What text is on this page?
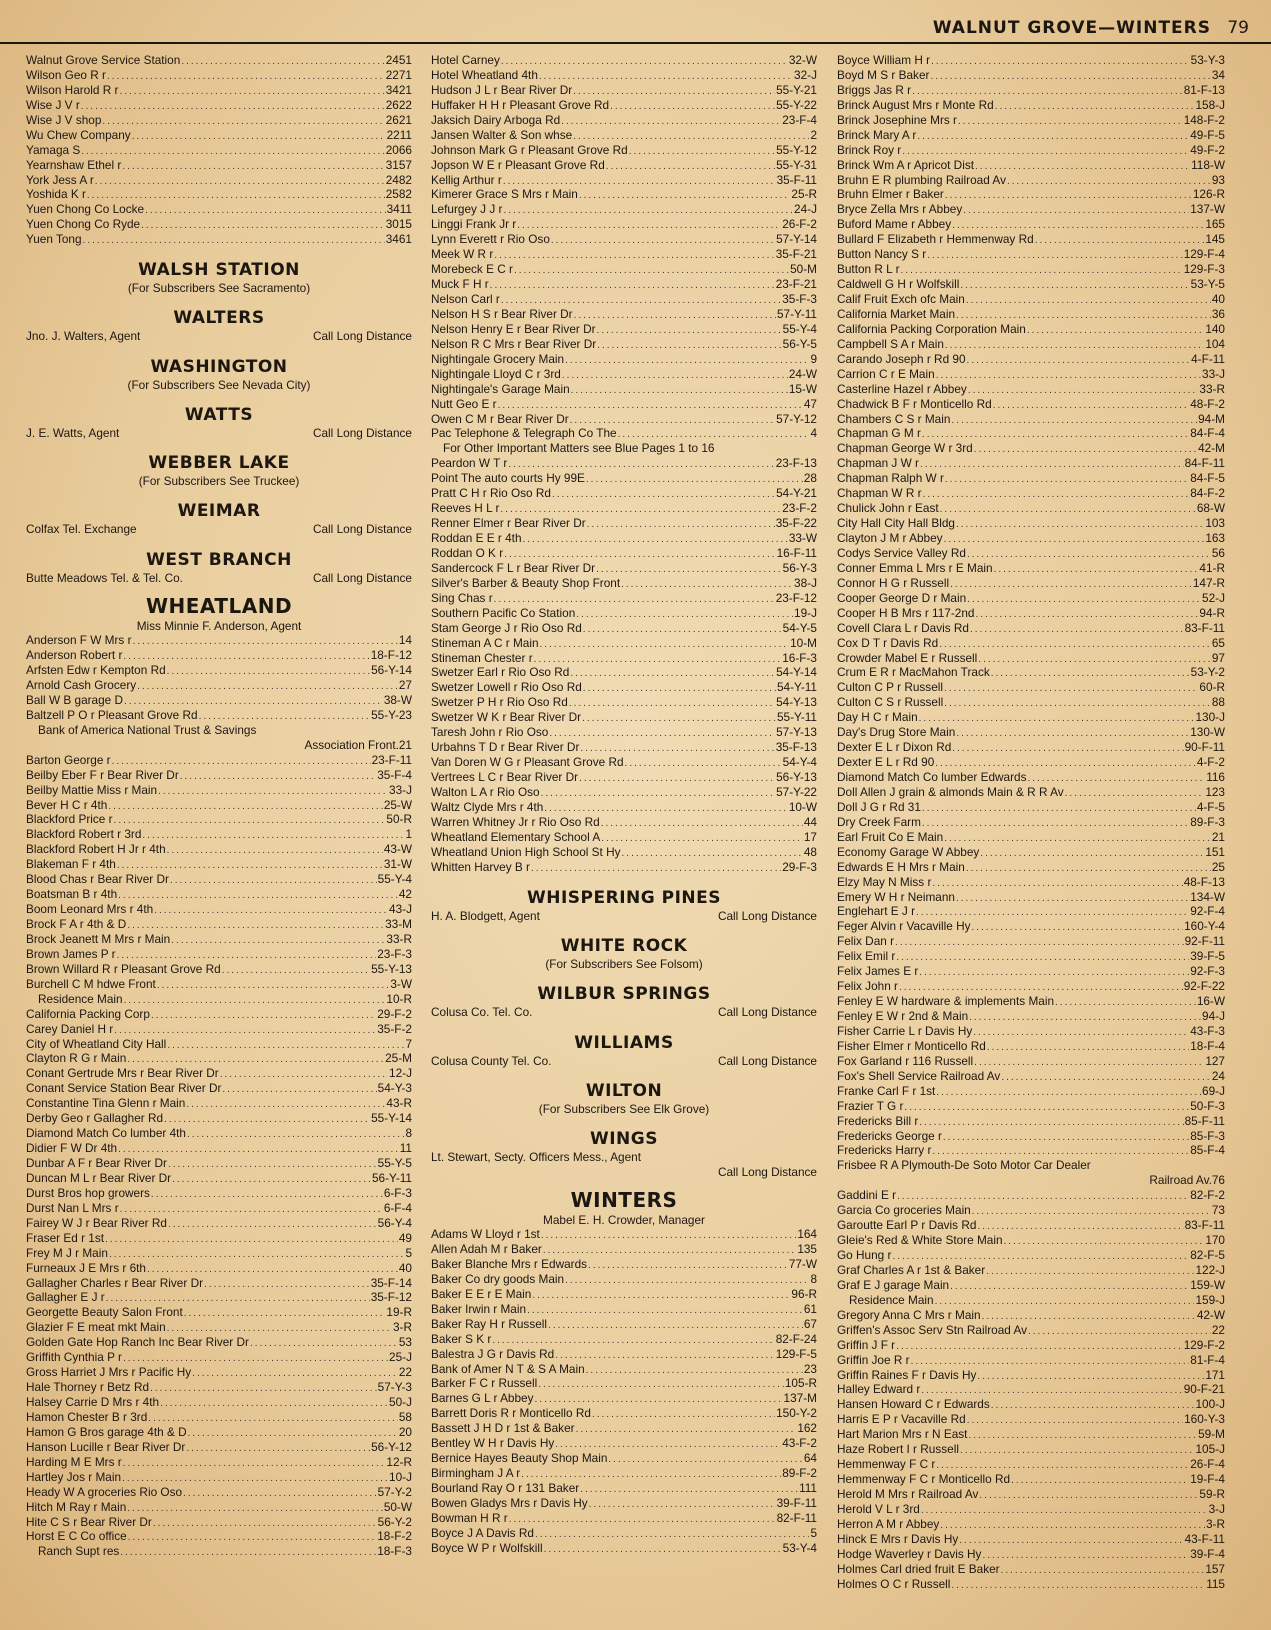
WALNUT GROVE—WINTERS 79
Walnut Grove Service Station .....	2451
Wilson Geo R r .....	2271
Wilson Harold R r .....	3421
Wise J V r .....	2622
Wise J V shop .....	2621
Wu Chew Company .....	2211
Yamaga S .....	2066
Yearnshaw Ethel r .....	3157
York Jess A r .....	2482
Yoshida K r .....	2582
Yuen Chong Co Locke .....	3411
Yuen Chong Co Ryde .....	3015
Yuen Tong .....	3461
WALSH STATION
(For Subscribers See Sacramento)
WALTERS
Jno. J. Walters, Agent	Call Long Distance
WASHINGTON
(For Subscribers See Nevada City)
WATTS
J. E. Watts, Agent	Call Long Distance
WEBBER LAKE
(For Subscribers See Truckee)
WEIMAR
Colfax Tel. Exchange	Call Long Distance
WEST BRANCH
Butte Meadows Tel. & Tel. Co.	Call Long Distance
WHEATLAND
Miss Minnie F. Anderson, Agent
Anderson F W Mrs r .....	14
Anderson Robert r .....	18-F-12
Arfsten Edw r Kempton Rd .....	56-Y-14
Arnold Cash Grocery .....	27
Ball W B garage D .....	38-W
Baltzell P O r Pleasant Grove Rd .....	55-Y-23
Bank of America National Trust & Savings
Association Front.21
Barton George r .....	23-F-11
Beilby Eber F r Bear River Dr .....	35-F-4
Beilby Mattie Miss r Main .....	33-J
Bever H C r 4th .....	25-W
Blackford Price r .....	50-R
Blackford Robert r 3rd .....	1
Blackford Robert H Jr r 4th .....	43-W
Blakeman F r 4th .....	31-W
Blood Chas r Bear River Dr .....	55-Y-4
Boatsman B r 4th .....	42
Boom Leonard Mrs r 4th .....	43-J
Brock F A r 4th & D .....	33-M
Brock Jeanett M Mrs r Main .....	33-R
Brown James P r .....	23-F-3
Brown Willard R r Pleasant Grove Rd .....	55-Y-13
Burchell C M hdwe Front .....	3-W
Residence Main .....	10-R
California Packing Corp .....	29-F-2
Carey Daniel H r .....	35-F-2
City of Wheatland City Hall .....	7
Clayton R G r Main .....	25-M
Conant Gertrude Mrs r Bear River Dr .....	12-J
Conant Service Station Bear River Dr .....	54-Y-3
Constantine Tina Glenn r Main .....	43-R
Derby Geo r Gallagher Rd .....	55-Y-14
Diamond Match Co lumber 4th .....	8
Didier F W Dr 4th .....	11
Dunbar A F r Bear River Dr .....	55-Y-5
Duncan M L r Bear River Dr .....	56-Y-11
Durst Bros hop growers .....	6-F-3
Durst Nan L Mrs r .....	6-F-4
Fairey W J r Bear River Rd .....	56-Y-4
Fraser Ed r 1st .....	49
Frey M J r Main .....	5
Furneaux J E Mrs r 6th .....	40
Gallagher Charles r Bear River Dr .....	35-F-14
Gallagher E J r .....	35-F-12
Georgette Beauty Salon Front .....	19-R
Glazier F E meat mkt Main .....	3-R
Golden Gate Hop Ranch Inc Bear River Dr .....	53
Griffith Cynthia P r .....	25-J
Gross Harriet J Mrs r Pacific Hy .....	22
Hale Thorney r Betz Rd .....	57-Y-3
Halsey Carrie D Mrs r 4th .....	50-J
Hamon Chester B r 3rd .....	58
Hamon G Bros garage 4th & D .....	20
Hanson Lucille r Bear River Dr .....	56-Y-12
Harding M E Mrs r .....	12-R
Hartley Jos r Main .....	10-J
Heady W A groceries Rio Oso .....	57-Y-2
Hitch M Ray r Main .....	50-W
Hite C S r Bear River Dr .....	56-Y-2
Horst E C Co office .....	18-F-2
Ranch Supt res .....	18-F-3
Hotel Carney .....	32-W
Hotel Wheatland 4th .....	32-J
Hudson J L r Bear River Dr .....	55-Y-21
Huffaker H H r Pleasant Grove Rd .....	55-Y-22
Jaksich Dairy Arboga Rd .....	23-F-4
Jansen Walter & Son whse .....	2
Johnson Mark G r Pleasant Grove Rd .....	55-Y-12
Jopson W E r Pleasant Grove Rd .....	55-Y-31
Kellig Arthur r .....	35-F-11
Kimerer Grace S Mrs r Main .....	25-R
Lefurgey J J r .....	24-J
Linggi Frank Jr r .....	26-F-2
Lynn Everett r Rio Oso .....	57-Y-14
Meek W R r .....	35-F-21
Morebeck E C r .....	50-M
Muck F H r .....	23-F-21
Nelson Carl r .....	35-F-3
Nelson H S r Bear River Dr .....	57-Y-11
Nelson Henry E r Bear River Dr .....	55-Y-4
Nelson R C Mrs r Bear River Dr .....	56-Y-5
Nightingale Grocery Main .....	9
Nightingale Lloyd C r 3rd .....	24-W
Nightingale's Garage Main .....	15-W
Nutt Geo E r .....	47
Owen C M r Bear River Dr .....	57-Y-12
Pac Telephone & Telegraph Co The .....	4
For Other Important Matters see Blue Pages 1 to 16
Peardon W T r .....	23-F-13
Point The auto courts Hy 99E .....	28
Pratt C H r Rio Oso Rd .....	54-Y-21
Reeves H L r .....	23-F-2
Renner Elmer r Bear River Dr .....	35-F-22
Roddan E E r 4th .....	33-W
Roddan O K r .....	16-F-11
Sandercock F L r Bear River Dr .....	56-Y-3
Silver's Barber & Beauty Shop Front .....	38-J
Sing Chas r .....	23-F-12
Southern Pacific Co Station .....	19-J
Stam George J r Rio Oso Rd .....	54-Y-5
Stineman A C r Main .....	10-M
Stineman Chester r .....	16-F-3
Swetzer Earl r Rio Oso Rd .....	54-Y-14
Swetzer Lowell r Rio Oso Rd .....	54-Y-11
Swetzer P H r Rio Oso Rd .....	54-Y-13
Swetzer W K r Bear River Dr .....	55-Y-11
Taresh John r Rio Oso .....	57-Y-13
Urbahns T D r Bear River Dr .....	35-F-13
Van Doren W G r Pleasant Grove Rd .....	54-Y-4
Vertrees L C r Bear River Dr .....	56-Y-13
Walton L A r Rio Oso .....	57-Y-22
Waltz Clyde Mrs r 4th .....	10-W
Warren Whitney Jr r Rio Oso Rd .....	44
Wheatland Elementary School A .....	17
Wheatland Union High School St Hy .....	48
Whitten Harvey B r .....	29-F-3
WHISPERING PINES
H. A. Blodgett, Agent	Call Long Distance
WHITE ROCK
(For Subscribers See Folsom)
WILBUR SPRINGS
Colusa Co. Tel. Co.	Call Long Distance
WILLIAMS
Colusa County Tel. Co.	Call Long Distance
WILTON
(For Subscribers See Elk Grove)
WINGS
Lt. Stewart, Secty. Officers Mess., Agent
Call Long Distance
WINTERS
Mabel E. H. Crowder, Manager
Adams W Lloyd r 1st .....	164
Allen Adah M r Baker .....	135
Baker Blanche Mrs r Edwards .....	77-W
Baker Co dry goods Main .....	8
Baker E E r E Main .....	96-R
Baker Irwin r Main .....	61
Baker Ray H r Russell .....	67
Baker S K r .....	82-F-24
Balestra J G r Davis Rd .....	129-F-5
Bank of Amer N T & S A Main .....	23
Barker F C r Russell .....	105-R
Barnes G L r Abbey .....	137-M
Barrett Doris R r Monticello Rd .....	150-Y-2
Bassett J H D r 1st & Baker .....	162
Bentley W H r Davis Hy .....	43-F-2
Bernice Hayes Beauty Shop Main .....	64
Birmingham J A r .....	89-F-2
Bourland Ray O r 131 Baker .....	111
Bowen Gladys Mrs r Davis Hy .....	39-F-11
Bowman H R r .....	82-F-11
Boyce J A Davis Rd .....	5
Boyce W P r Wolfskill .....	53-Y-4
Boyce William H r .....	53-Y-3
Boyd M S r Baker .....	34
Briggs Jas R r .....	81-F-13
Brinck August Mrs r Monte Rd .....	158-J
Brinck Josephine Mrs r .....	148-F-2
Brinck Mary A r .....	49-F-5
Brinck Roy r .....	49-F-2
Brinck Wm A r Apricot Dist .....	118-W
Bruhn E R plumbing Railroad Av .....	93
Bruhn Elmer r Baker .....	126-R
Bryce Zella Mrs r Abbey .....	137-W
Buford Mame r Abbey .....	165
Bullard F Elizabeth r Hemmenway Rd .....	145
Button Nancy S r .....	129-F-4
Button R L r .....	129-F-3
Caldwell G H r Wolfskill .....	53-Y-5
Calif Fruit Exch ofc Main .....	40
California Market Main .....	36
California Packing Corporation Main .....	140
Campbell S A r Main .....	104
Carando Joseph r Rd 90 .....	4-F-11
Carrion C r E Main .....	33-J
Casterline Hazel r Abbey .....	33-R
Chadwick B F r Monticello Rd .....	48-F-2
Chambers C S r Main .....	94-M
Chapman G M r .....	84-F-4
Chapman George W r 3rd .....	42-M
Chapman J W r .....	84-F-11
Chapman Ralph W r .....	84-F-5
Chapman W R r .....	84-F-2
Chulick John r East .....	68-W
City Hall City Hall Bldg .....	103
Clayton J M r Abbey .....	163
Codys Service Valley Rd .....	56
Conner Emma L Mrs r E Main .....	41-R
Connor H G r Russell .....	147-R
Cooper George D r Main .....	52-J
Cooper H B Mrs r 117-2nd .....	94-R
Covell Clara L r Davis Rd .....	83-F-11
Cox D T r Davis Rd .....	65
Crowder Mabel E r Russell .....	97
Crum E R r MacMahon Track .....	53-Y-2
Culton C P r Russell .....	60-R
Culton C S r Russell .....	88
Day H C r Main .....	130-J
Day's Drug Store Main .....	130-W
Dexter E L r Dixon Rd .....	90-F-11
Dexter E L r Rd 90 .....	4-F-2
Diamond Match Co lumber Edwards .....	116
Doll Allen J grain & almonds Main & R R Av .....	123
Doll J G r Rd 31 .....	4-F-5
Dry Creek Farm .....	89-F-3
Earl Fruit Co E Main .....	21
Economy Garage W Abbey .....	151
Edwards E H Mrs r Main .....	25
Elzy May N Miss r .....	48-F-13
Emery W H r Neimann .....	134-W
Englehart E J r .....	92-F-4
Feger Alvin r Vacaville Hy .....	160-Y-4
Felix Dan r .....	92-F-11
Felix Emil r .....	39-F-5
Felix James E r .....	92-F-3
Felix John r .....	92-F-22
Fenley E W hardware & implements Main .....	16-W
Fenley E W r 2nd & Main .....	94-J
Fisher Carrie L r Davis Hy .....	43-F-3
Fisher Elmer r Monticello Rd .....	18-F-4
Fox Garland r 116 Russell .....	127
Fox's Shell Service Railroad Av .....	24
Franke Carl F r 1st .....	69-J
Frazier T G r .....	50-F-3
Fredericks Bill r .....	85-F-11
Fredericks George r .....	85-F-3
Fredericks Harry r .....	85-F-4
Frisbee R A Plymouth-De Soto Motor Car Dealer
Railroad Av.76
Gaddini E r .....	82-F-2
Garcia Co groceries Main .....	73
Garoutte Earl P r Davis Rd .....	83-F-11
Gleie's Red & White Store Main .....	170
Go Hung r .....	82-F-5
Graf Charles A r 1st & Baker .....	122-J
Graf E J garage Main .....	159-W
Residence Main .....	159-J
Gregory Anna C Mrs r Main .....	42-W
Griffen's Assoc Serv Stn Railroad Av .....	22
Griffin J F r .....	129-F-2
Griffin Joe R r .....	81-F-4
Griffin Raines F r Davis Hy .....	171
Halley Edward r .....	90-F-21
Hansen Howard C r Edwards .....	100-J
Harris E P r Vacaville Rd .....	160-Y-3
Hart Marion Mrs r N East .....	59-M
Haze Robert I r Russell .....	105-J
Hemmenway F C r .....	26-F-4
Hemmenway F C r Monticello Rd .....	19-F-4
Herold M Mrs r Railroad Av .....	59-R
Herold V L r 3rd .....	3-J
Herron A M r Abbey .....	3-R
Hinck E Mrs r Davis Hy .....	43-F-11
Hodge Waverley r Davis Hy .....	39-F-4
Holmes Carl dried fruit E Baker .....	157
Holmes O C r Russell .....	115
